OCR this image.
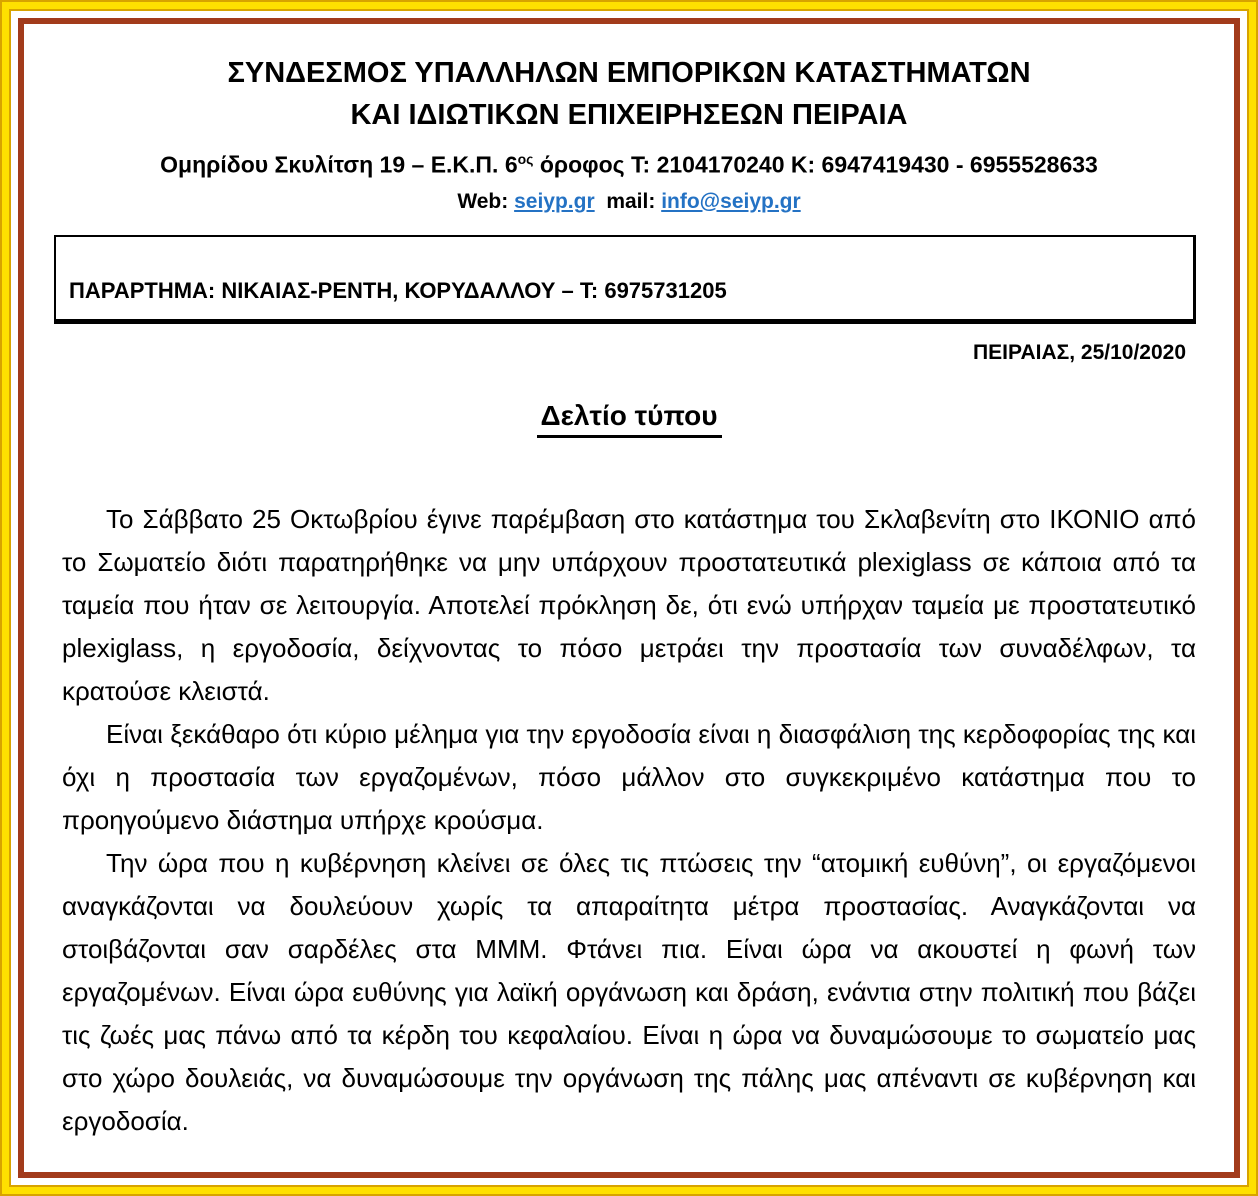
ΣΥΝΔΕΣΜΟΣ ΥΠΑΛΛΗΛΩΝ ΕΜΠΟΡΙΚΩΝ ΚΑΤΑΣΤΗΜΑΤΩΝ
ΚΑΙ ΙΔΙΩΤΙΚΩΝ ΕΠΙΧΕΙΡΗΣΕΩΝ ΠΕΙΡΑΙΑ
Ομηρίδου Σκυλίτση 19 – Ε.Κ.Π. $6^{o\varsigma}$ όροφος Τ: 2104170240 Κ: 6947419430 - 6955528633
Web: seiyp.gr mail: info@seiyp.gr
ΠΑΡΑΡΤΗΜΑ: ΝΙΚΑΙΑΣ-ΡΕΝΤΗ, ΚΟΡΥΔΑΛΛΟΥ – Τ: 6975731205
ΠΕΙΡΑΙΑΣ, 25/10/2020
Δελτίο τύπου

Το Σάββατο 25 Οκτωβρίου έγινε παρέμβαση στο κατάστημα του Σκλαβενίτη στο ΙΚΟΝΙΟ από το Σωματείο διότι παρατηρήθηκε να μην υπάρχουν προστατευτικά plexiglass σε κάποια από τα ταμεία που ήταν σε λειτουργία. Αποτελεί πρόκληση δε, ότι ενώ υπήρχαν ταμεία με προστατευτικό plexiglass, η εργοδοσία, δείχνοντας το πόσο μετράει την προστασία των συναδέλφων, τα κρατούσε κλειστά.

Είναι ξεκάθαρο ότι κύριο μέλημα για την εργοδοσία είναι η διασφάλιση της κερδοφορίας της και όχι η προστασία των εργαζομένων, πόσο μάλλον στο συγκεκριμένο κατάστημα που το προηγούμενο διάστημα υπήρχε κρούσμα.

Την ώρα που η κυβέρνηση κλείνει σε όλες τις πτώσεις την “ατομική ευθύνη”, οι εργαζόμενοι αναγκάζονται να δουλεύουν χωρίς τα απαραίτητα μέτρα προστασίας. Αναγκάζονται να στοιβάζονται σαν σαρδέλες στα ΜΜΜ. Φτάνει πια. Είναι ώρα να ακουστεί η φωνή των εργαζομένων. Είναι ώρα ευθύνης για λαϊκή οργάνωση και δράση, ενάντια στην πολιτική που βάζει τις ζωές μας πάνω από τα κέρδη του κεφαλαίου. Είναι η ώρα να δυναμώσουμε το σωματείο μας στο χώρο δουλειάς, να δυναμώσουμε την οργάνωση της πάλης μας απέναντι σε κυβέρνηση και εργοδοσία.
